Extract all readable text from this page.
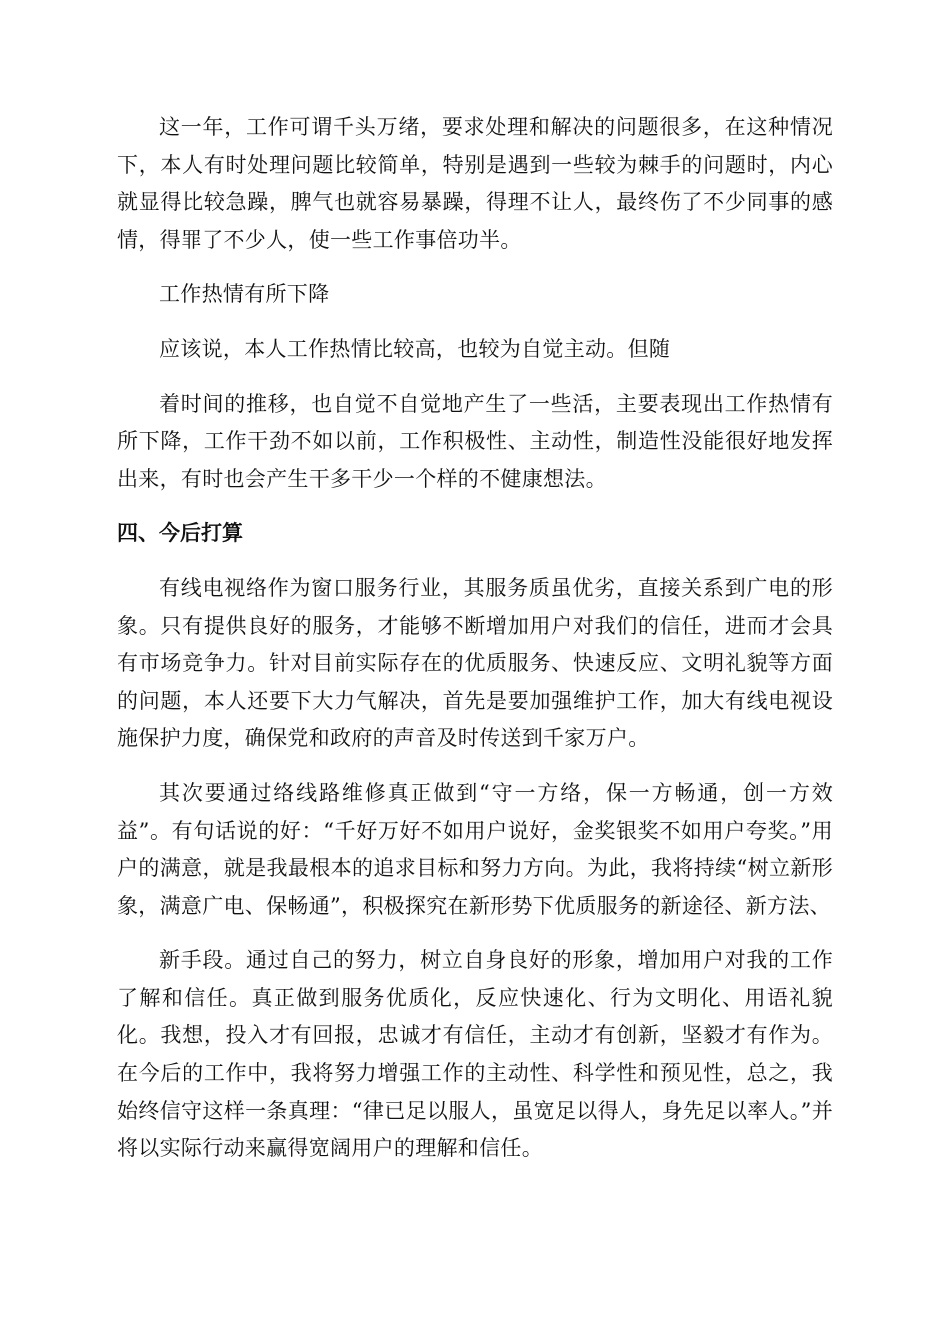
这一年，工作可谓千头万绪，要求处理和解决的问题很多，在这种情况下，本人有时处理问题比较简单，特别是遇到一些较为棘手的问题时，内心就显得比较急躁，脾气也就容易暴躁，得理不让人，最终伤了不少同事的感情，得罪了不少人，使一些工作事倍功半。

工作热情有所下降

应该说，本人工作热情比较高，也较为自觉主动。但随

着时间的推移，也自觉不自觉地产生了一些活，主要表现出工作热情有所下降，工作干劲不如以前，工作积极性、主动性，制造性没能很好地发挥出来，有时也会产生干多干少一个样的不健康想法。

四、今后打算

有线电视络作为窗口服务行业，其服务质虽优劣，直接关系到广电的形象。只有提供良好的服务，才能够不断增加用户对我们的信任，进而才会具有市场竞争力。针对目前实际存在的优质服务、快速反应、文明礼貌等方面的问题，本人还要下大力气解决，首先是要加强维护工作，加大有线电视设施保护力度，确保党和政府的声音及时传送到千家万户。

其次要通过络线路维修真正做到“守一方络，保一方畅通，创一方效益”。有句话说的好：“千好万好不如用户说好，金奖银奖不如用户夸奖。”用户的满意，就是我最根本的追求目标和努力方向。为此，我将持续“树立新形象，满意广电、保畅通”，积极探究在新形势下优质服务的新途径、新方法、

新手段。通过自己的努力，树立自身良好的形象，增加用户对我的工作了解和信任。真正做到服务优质化，反应快速化、行为文明化、用语礼貌化。我想，投入才有回报，忠诚才有信任，主动才有创新，坚毅才有作为。在今后的工作中，我将努力增强工作的主动性、科学性和预见性，总之，我始终信守这样一条真理：“律已足以服人，虽宽足以得人，身先足以率人。”并将以实际行动来赢得宽阔用户的理解和信任。
